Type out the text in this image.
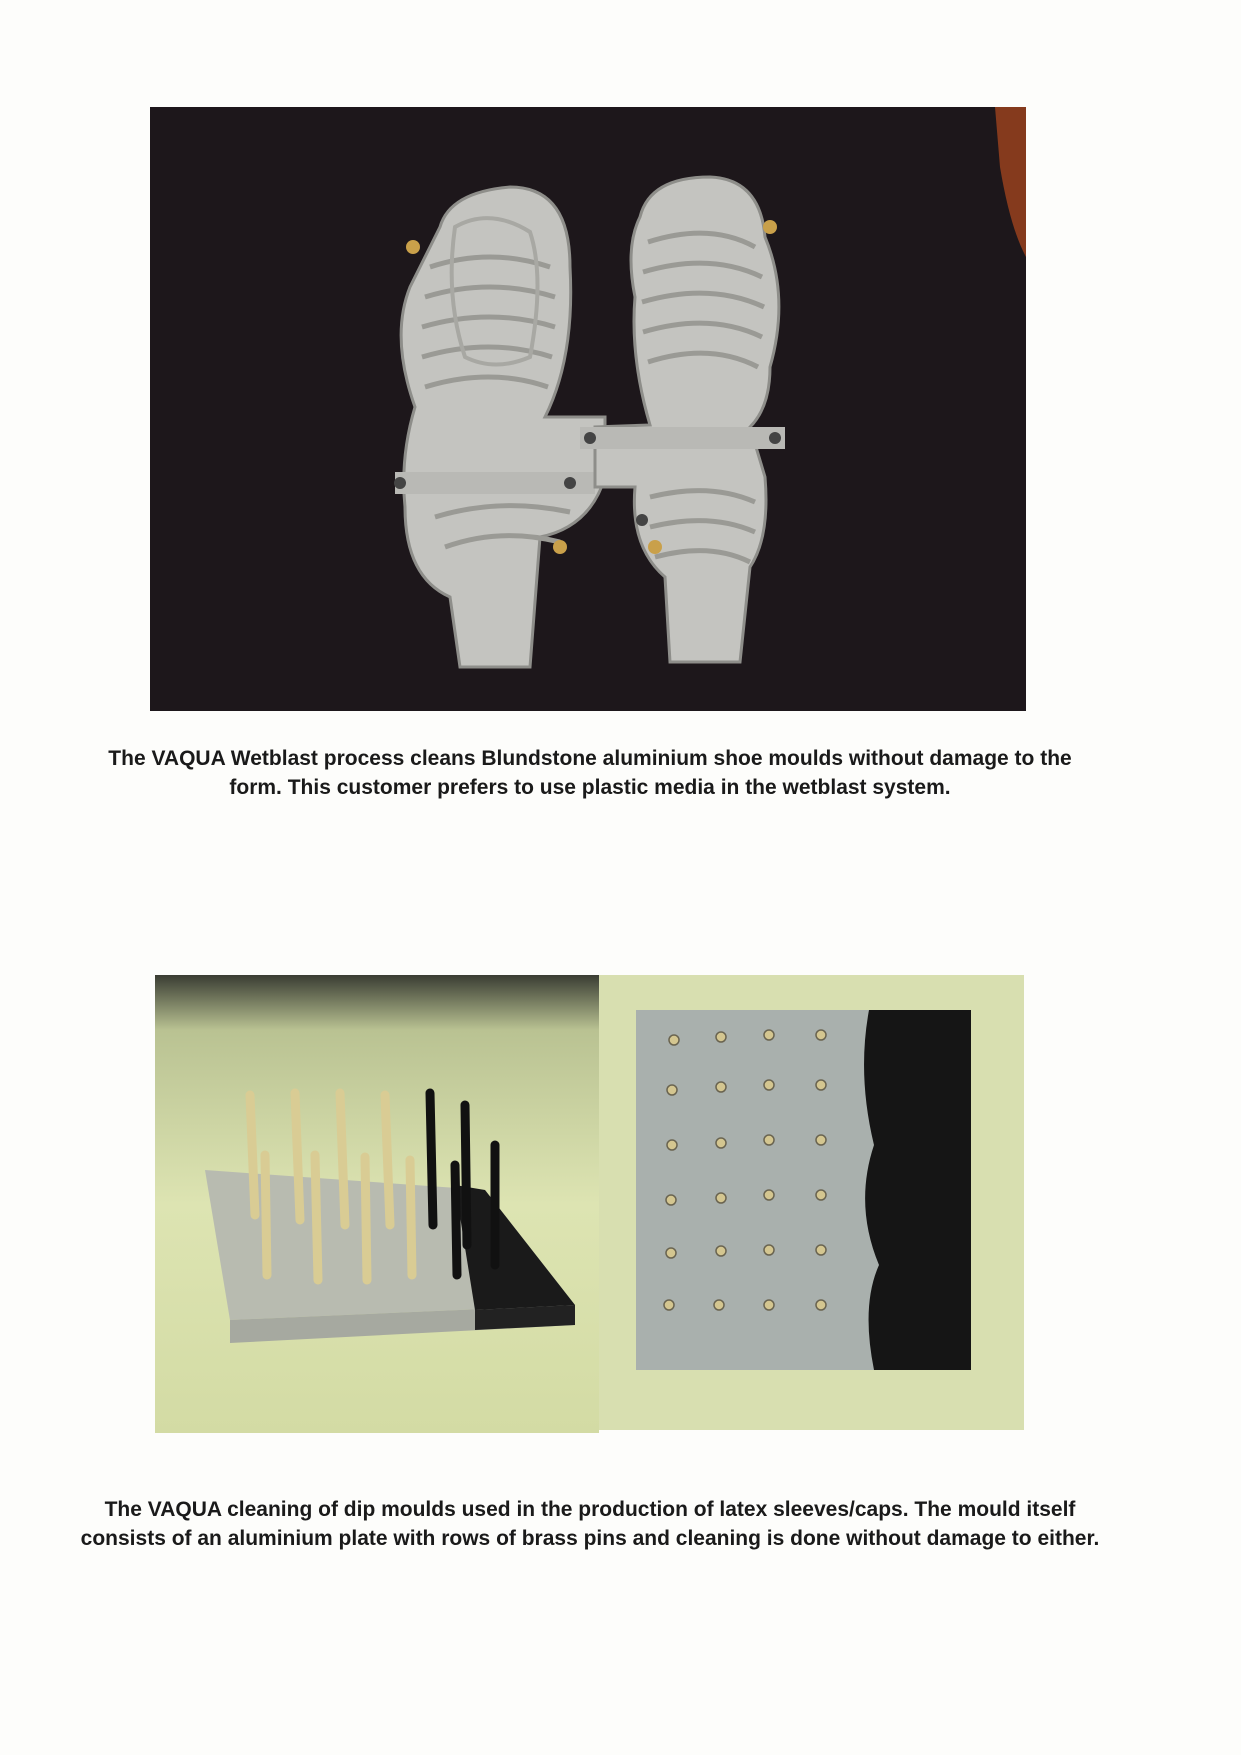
The VAQUA Wetblast process cleans Blundstone aluminium shoe moulds without damage to the form. This customer prefers to use plastic media in the wetblast system.

The VAQUA cleaning of dip moulds used in the production of latex sleeves/caps. The mould itself consists of an aluminium plate with rows of brass pins and cleaning is done without damage to either.
